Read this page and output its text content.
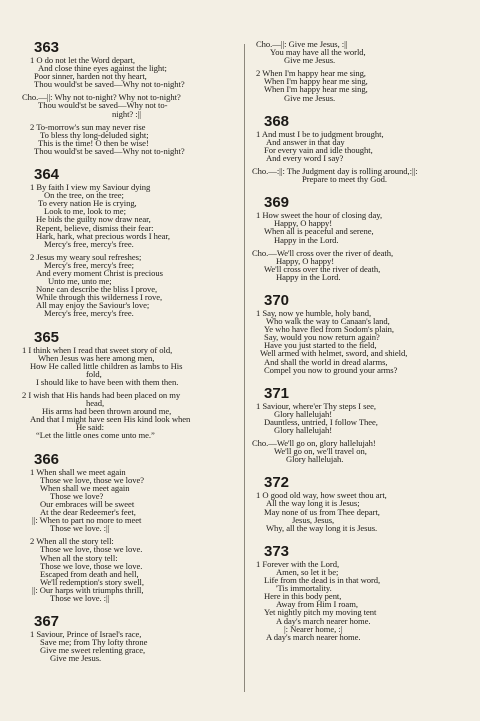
363
1 O do not let the Word depart,
And close thine eyes against the light;
Poor sinner, harden not thy heart,
Thou would'st be saved—Why not to-night?
Cho.—||: Why not to-night? Why not to-night?
Thou would'st be saved—Why not to-
night? :||
2 To-morrow's sun may never rise
To bless thy long-deluded sight;
This is the time! O then be wise!
Thou would'st be saved—Why not to-night?
364
1 By faith I view my Saviour dying
On the tree, on the tree;
To every nation He is crying,
Look to me, look to me;
He bids the guilty now draw near,
Repent, believe, dismiss their fear:
Hark, hark, what precious words I hear,
Mercy's free, mercy's free.
2 Jesus my weary soul refreshes;
Mercy's free, mercy's free;
And every moment Christ is precious
Unto me, unto me;
None can describe the bliss I prove,
While through this wilderness I rove,
All may enjoy the Saviour's love;
Mercy's free, mercy's free.
365
1 I think when I read that sweet story of old,
When Jesus was here among men,
How He called little children as lambs to His
fold,
I should like to have been with them then.
2 I wish that His hands had been placed on my
head,
His arms had been thrown around me,
And that I might have seen His kind look when
He said:
“Let the little ones come unto me.”
366
1 When shall we meet again
Those we love, those we love?
When shall we meet again
Those we love?
Our embraces will be sweet
At the dear Redeemer's feet,
||: When to part no more to meet
Those we love. :||
2 When all the story tell:
Those we love, those we love.
When all the story tell:
Those we love, those we love.
Escaped from death and hell,
We'll redemption's story swell,
||: Our harps with triumphs thrill,
Those we love. :||
367
1 Saviour, Prince of Israel's race,
Save me; from Thy lofty throne
Give me sweet relenting grace,
Give me Jesus.
Cho.—||: Give me Jesus, :||
You may have all the world,
Give me Jesus.
2 When I'm happy hear me sing,
When I'm happy hear me sing,
When I'm happy hear me sing,
Give me Jesus.
368
1 And must I be to judgment brought,
And answer in that day
For every vain and idle thought,
And every word I say?
Cho.—:||: The Judgment day is rolling around,:||:
Prepare to meet thy God.
369
1 How sweet the hour of closing day,
Happy, O happy!
When all is peaceful and serene,
Happy in the Lord.
Cho.—We'll cross over the river of death,
Happy, O happy!
We'll cross over the river of death,
Happy in the Lord.
370
1 Say, now ye humble, holy band,
Who walk the way to Canaan's land,
Ye who have fled from Sodom's plain,
Say, would you now return again?
Have you just started to the field,
Well armed with helmet, sword, and shield,
And shall the world in dread alarms,
Compel you now to ground your arms?
371
1 Saviour, where'er Thy steps I see,
Glory hallelujah!
Dauntless, untried, I follow Thee,
Glory hallelujah!
Cho.—We'll go on, glory hallelujah!
We'll go on, we'll travel on,
Glory hallelujah.
372
1 O good old way, how sweet thou art,
All the way long it is Jesus;
May none of us from Thee depart,
Jesus, Jesus,
Why, all the way long it is Jesus.
373
1 Forever with the Lord,
Amen, so let it be;
Life from the dead is in that word,
'Tis immortality.
Here in this body pent,
Away from Him I roam,
Yet nightly pitch my moving tent
A day's march nearer home.
|: Nearer home, :|
A day's march nearer home.
